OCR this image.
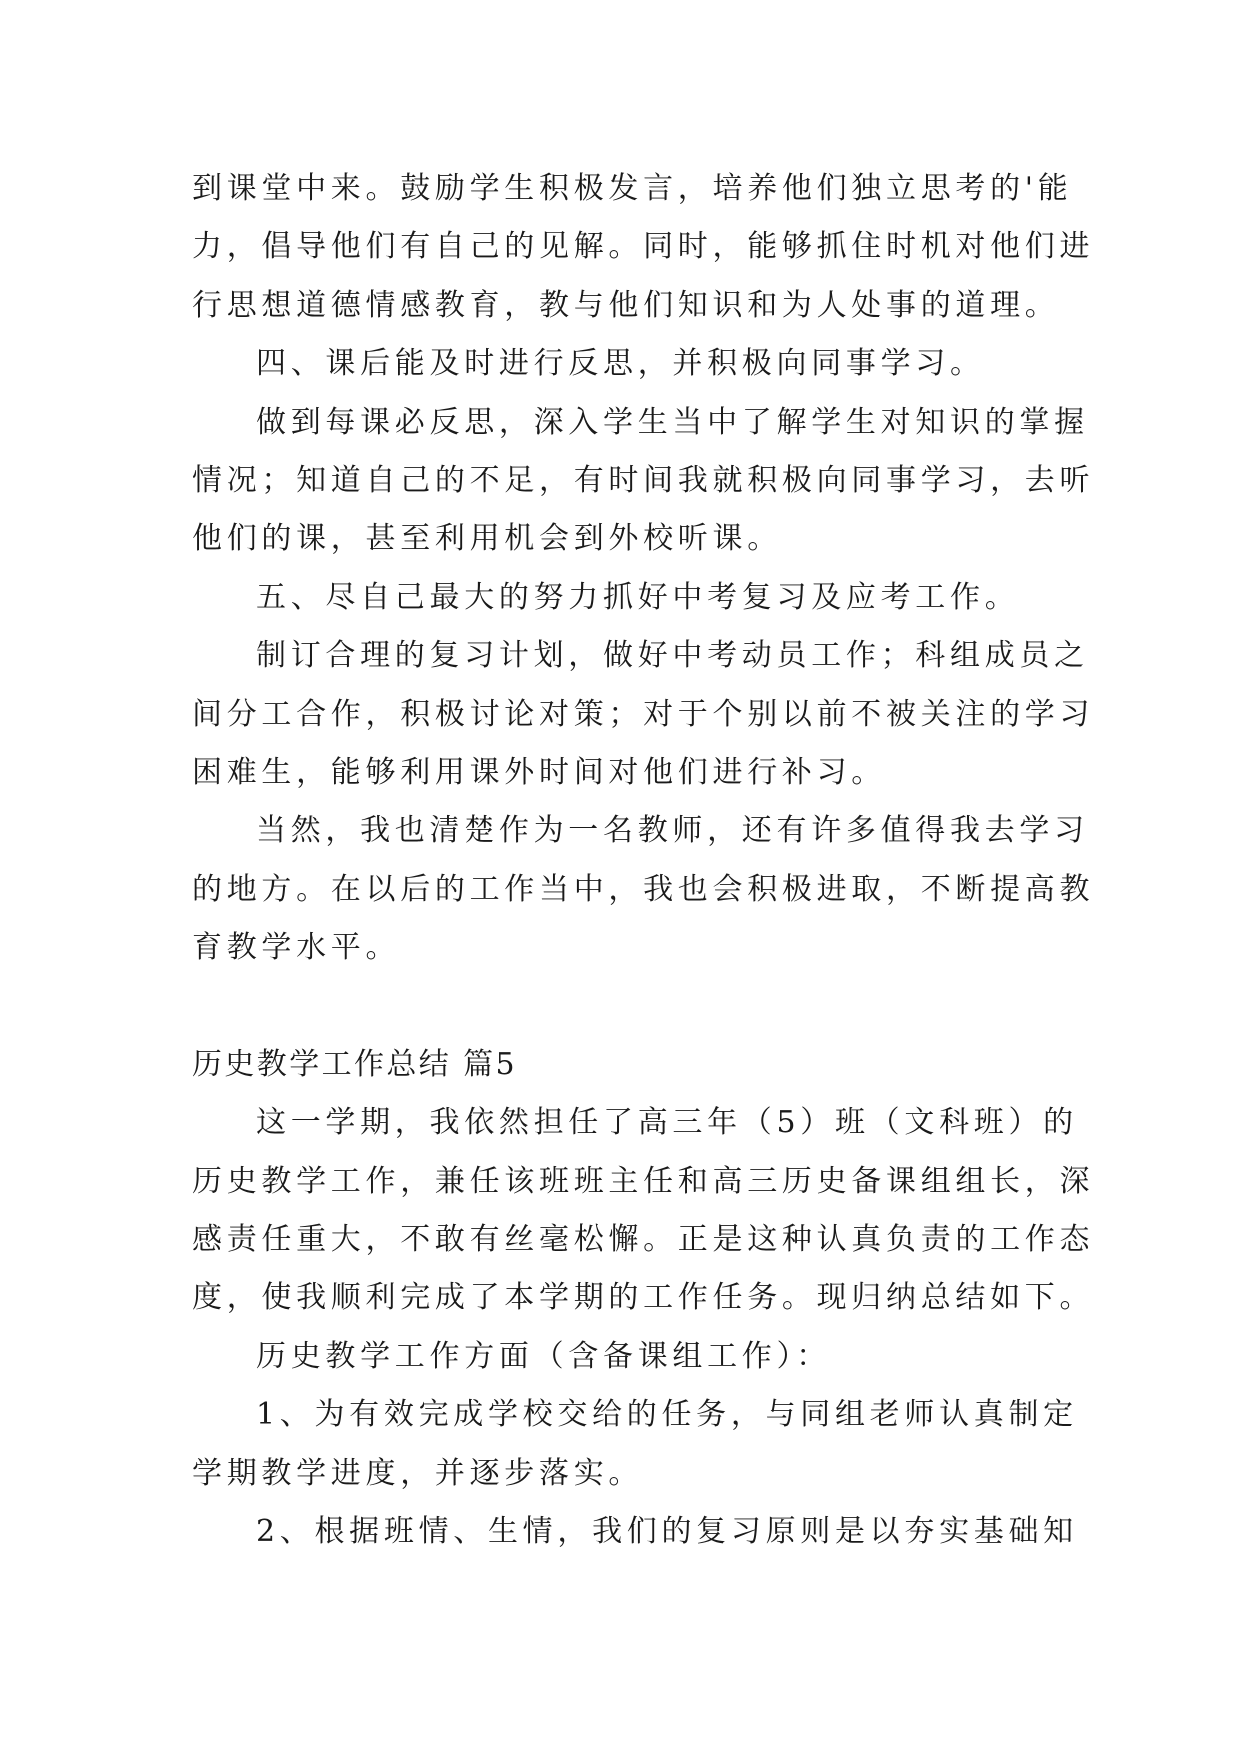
到课堂中来。鼓励学生积极发言，培养他们独立思考的'能
力，倡导他们有自己的见解。同时，能够抓住时机对他们进
行思想道德情感教育，教与他们知识和为人处事的道理。
四、课后能及时进行反思，并积极向同事学习。
做到每课必反思，深入学生当中了解学生对知识的掌握
情况；知道自己的不足，有时间我就积极向同事学习，去听
他们的课，甚至利用机会到外校听课。
五、尽自己最大的努力抓好中考复习及应考工作。
制订合理的复习计划，做好中考动员工作；科组成员之
间分工合作，积极讨论对策；对于个别以前不被关注的学习
困难生，能够利用课外时间对他们进行补习。
当然，我也清楚作为一名教师，还有许多值得我去学习
的地方。在以后的工作当中，我也会积极进取，不断提高教
育教学水平。
历史教学工作总结 篇5
这一学期，我依然担任了高三年（5）班（文科班）的
历史教学工作，兼任该班班主任和高三历史备课组组长，深
感责任重大，不敢有丝毫松懈。正是这种认真负责的工作态
度，使我顺利完成了本学期的工作任务。现归纳总结如下。
历史教学工作方面（含备课组工作）：
1、为有效完成学校交给的任务，与同组老师认真制定
学期教学进度，并逐步落实。
2、根据班情、生情，我们的复习原则是以夯实基础知
